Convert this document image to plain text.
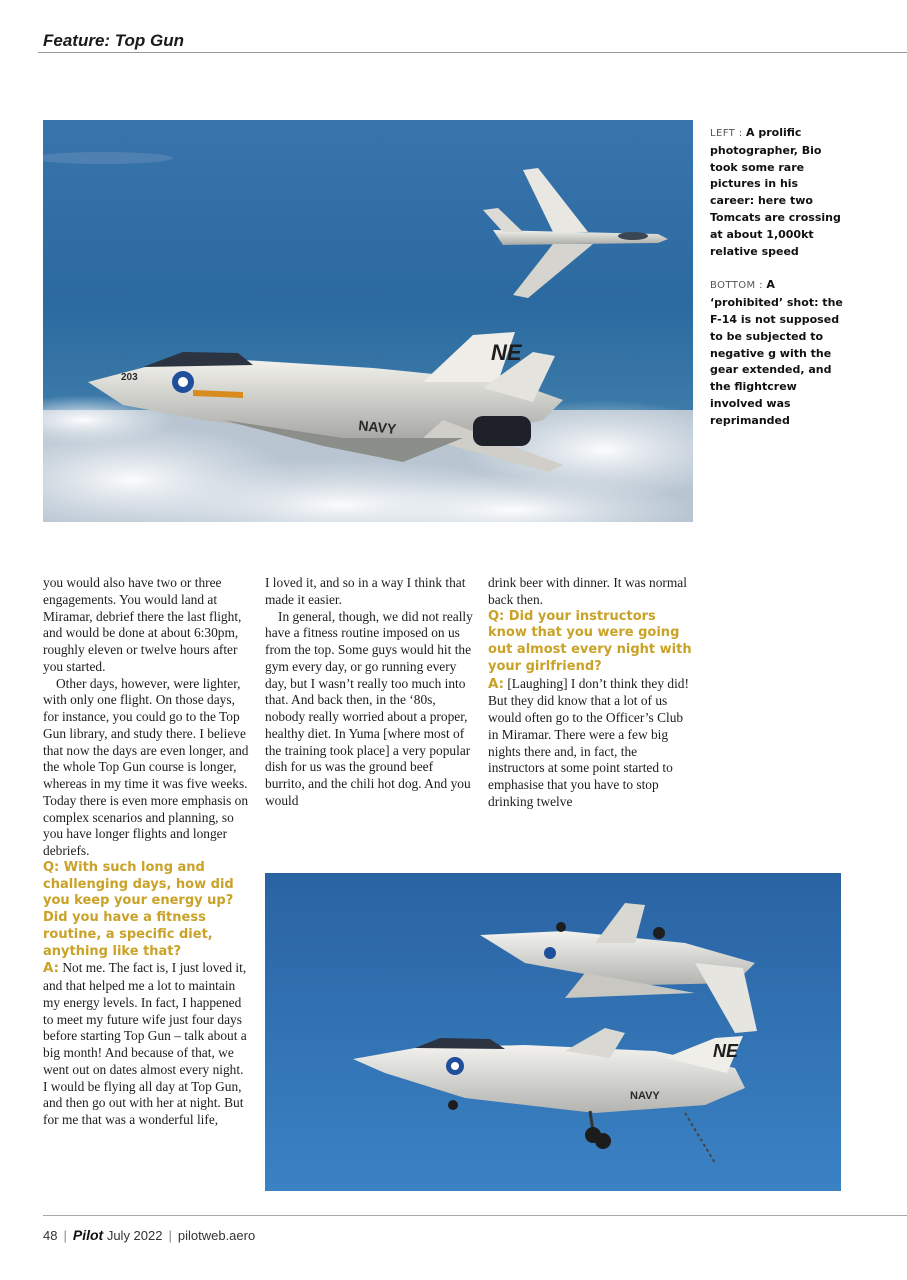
Feature: Top Gun
NE
NAVY
203

LEFT : A prolific photographer, Bio took some rare pictures in his career: here two Tomcats are crossing at about 1,000kt relative speed

BOTTOM : A ‘prohibited’ shot: the F-14 is not supposed to be subjected to negative g with the gear extended, and the flightcrew involved was reprimanded

you would also have two or three engagements. You would land at Miramar, debrief there the last flight, and would be done at about 6:30pm, roughly eleven or twelve hours after you started.

Other days, however, were lighter, with only one flight. On those days, for instance, you could go to the Top Gun library, and study there. I believe that now the days are even longer, and the whole Top Gun course is longer, whereas in my time it was five weeks. Today there is even more emphasis on complex scenarios and planning, so you have longer flights and longer debriefs.

Q: With such long and challenging days, how did you keep your energy up? Did you have a fitness routine, a specific diet, anything like that?

A: Not me. The fact is, I just loved it, and that helped me a lot to maintain my energy levels. In fact, I happened to meet my future wife just four days before starting Top Gun – talk about a big month! And because of that, we went out on dates almost every night. I would be flying all day at Top Gun, and then go out with her at night. But for me that was a wonderful life,

I loved it, and so in a way I think that made it easier.

In general, though, we did not really have a fitness routine imposed on us from the top. Some guys would hit the gym every day, or go running every day, but I wasn’t really too much into that. And back then, in the ‘80s, nobody really worried about a proper, healthy diet. In Yuma [where most of the training took place] a very popular dish for us was the ground beef burrito, and the chili hot dog. And you would

drink beer with dinner. It was normal back then.

Q: Did your instructors know that you were going out almost every night with your girlfriend?

A: [Laughing] I don’t think they did! But they did know that a lot of us would often go to the Officer’s Club in Miramar. There were a few big nights there and, in fact, the instructors at some point started to emphasise that you have to stop drinking twelve

NE
NAVY
48 | Pilot July 2022 | pilotweb.aero
